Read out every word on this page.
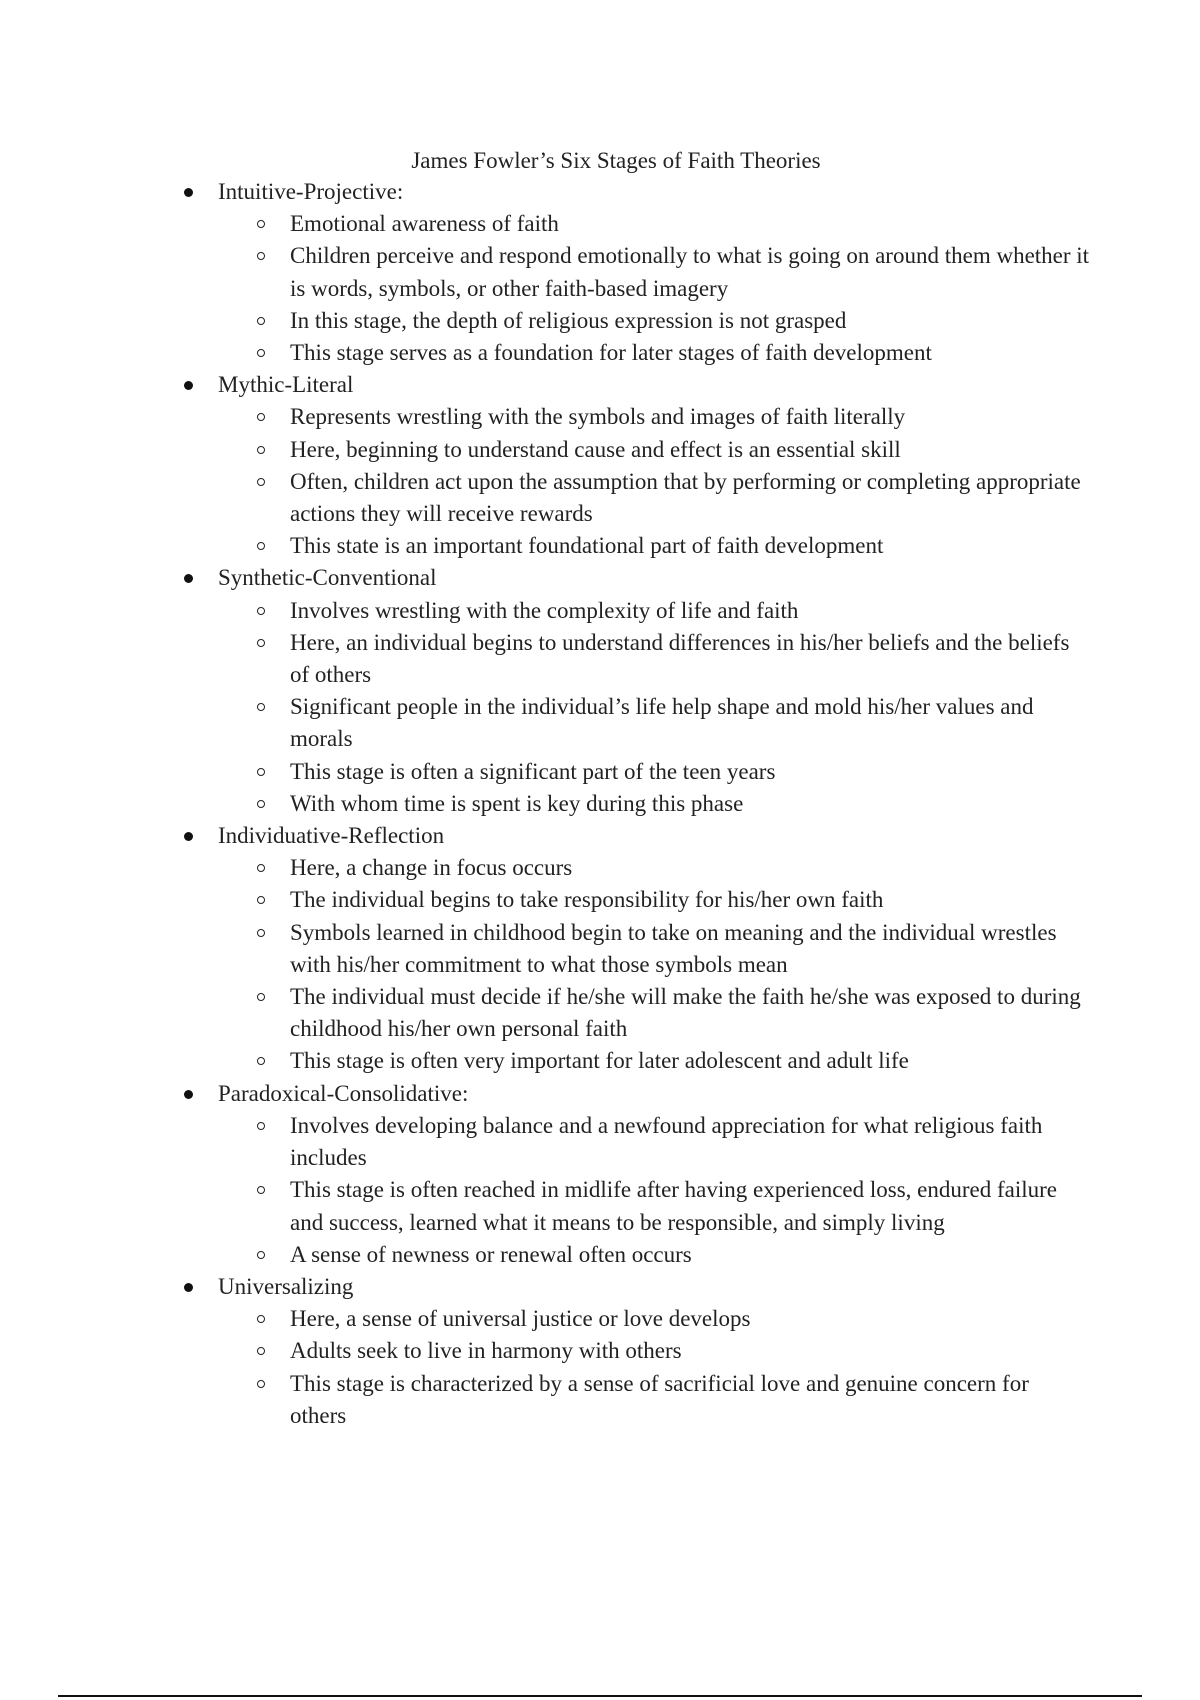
James Fowler’s Six Stages of Faith Theories
Intuitive-Projective:
Emotional awareness of faith
Children perceive and respond emotionally to what is going on around them whether it is words, symbols, or other faith-based imagery
In this stage, the depth of religious expression is not grasped
This stage serves as a foundation for later stages of faith development
Mythic-Literal
Represents wrestling with the symbols and images of faith literally
Here, beginning to understand cause and effect is an essential skill
Often, children act upon the assumption that by performing or completing appropriate actions they will receive rewards
This state is an important foundational part of faith development
Synthetic-Conventional
Involves wrestling with the complexity of life and faith
Here, an individual begins to understand differences in his/her beliefs and the beliefs of others
Significant people in the individual’s life help shape and mold his/her values and morals
This stage is often a significant part of the teen years
With whom time is spent is key during this phase
Individuative-Reflection
Here, a change in focus occurs
The individual begins to take responsibility for his/her own faith
Symbols learned in childhood begin to take on meaning and the individual wrestles with his/her commitment to what those symbols mean
The individual must decide if he/she will make the faith he/she was exposed to during childhood his/her own personal faith
This stage is often very important for later adolescent and adult life
Paradoxical-Consolidative:
Involves developing balance and a newfound appreciation for what religious faith includes
This stage is often reached in midlife after having experienced loss, endured failure and success, learned what it means to be responsible, and simply living
A sense of newness or renewal often occurs
Universalizing
Here, a sense of universal justice or love develops
Adults seek to live in harmony with others
This stage is characterized by a sense of sacrificial love and genuine concern for others
